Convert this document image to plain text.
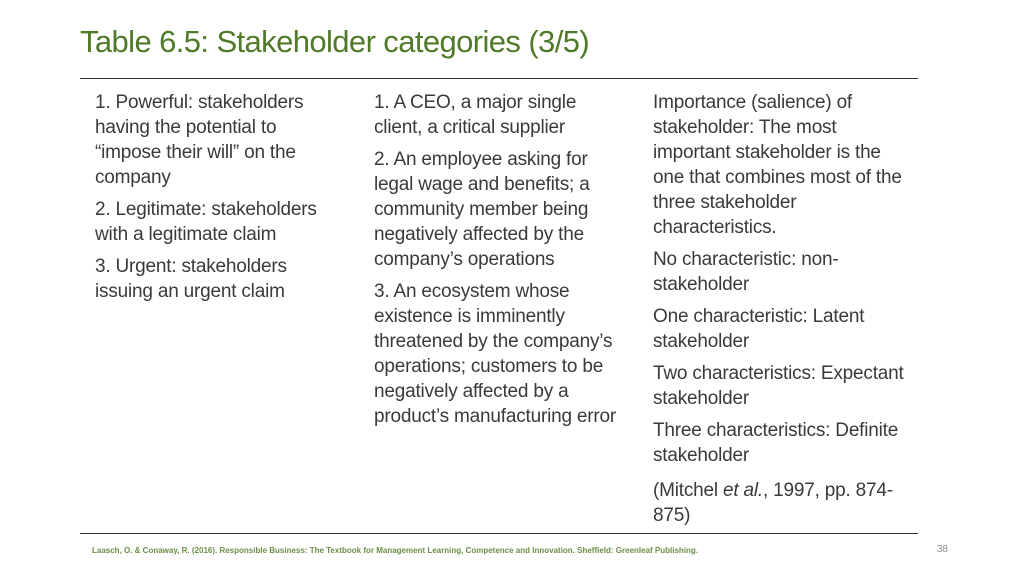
Table 6.5: Stakeholder categories (3/5)

1. Powerful: stakeholders having the potential to “impose their will” on the company

2. Legitimate: stakeholders with a legitimate claim

3. Urgent: stakeholders issuing an urgent claim

1. A CEO, a major single client, a critical supplier

2. An employee asking for legal wage and benefits; a community member being negatively affected by the company’s operations

3. An ecosystem whose existence is imminently threatened by the company’s operations; customers to be negatively affected by a product’s manufacturing error

Importance (salience) of stakeholder: The most important stakeholder is the one that combines most of the three stakeholder characteristics.

No characteristic: non-stakeholder

One characteristic: Latent stakeholder

Two characteristics: Expectant stakeholder

Three characteristics: Definite stakeholder

(Mitchel et al., 1997, pp. 874-875)

Laasch, O. & Conaway, R. (2016). Responsible Business: The Textbook for Management Learning, Competence and Innovation. Sheffield: Greenleaf Publishing.	38
